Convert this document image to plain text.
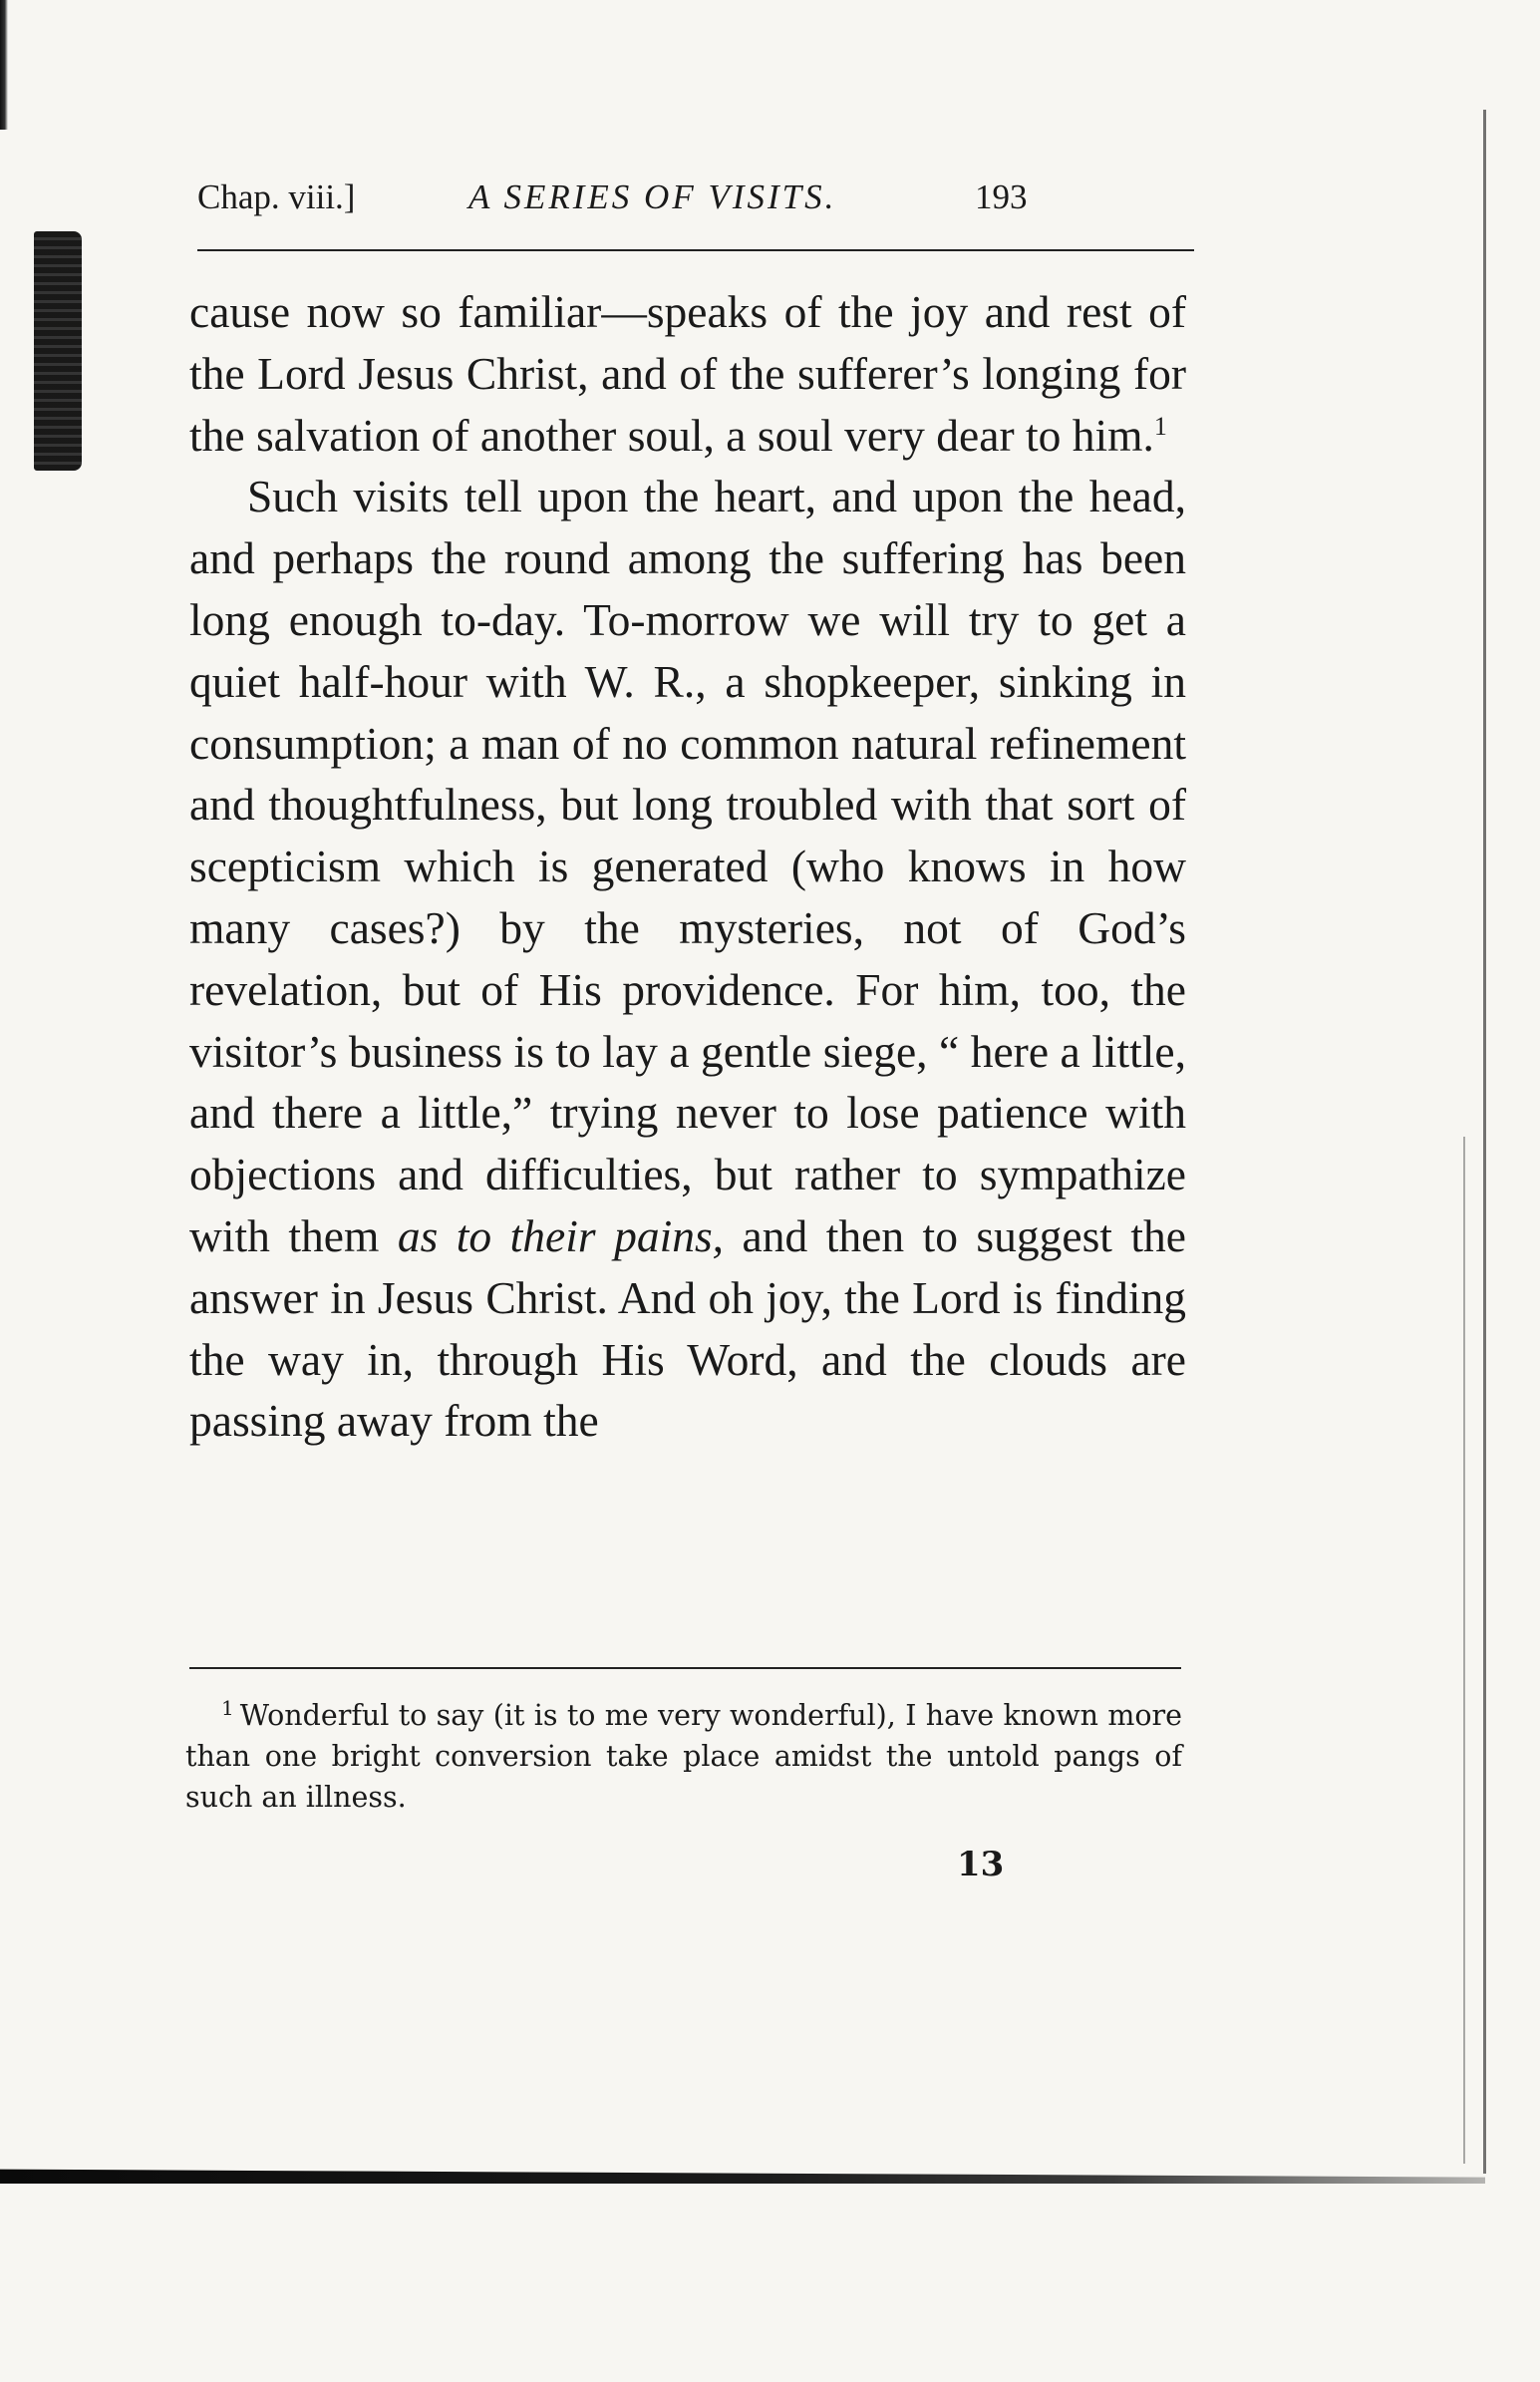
Chap. viii.]	A SERIES OF VISITS.	193

cause now so familiar—speaks of the joy and rest of the Lord Jesus Christ, and of the sufferer’s longing for the salvation of another soul, a soul very dear to him.$^1$

Such visits tell upon the heart, and upon the head, and perhaps the round among the suffering has been long enough to-day. To-morrow we will try to get a quiet half-hour with W. R., a shopkeeper, sinking in consumption; a man of no common natural refinement and thoughtfulness, but long troubled with that sort of scepticism which is generated (who knows in how many cases?) by the mysteries, not of God’s revelation, but of His providence. For him, too, the visitor’s business is to lay a gentle siege, “ here a little, and there a little,” trying never to lose patience with objections and difficulties, but rather to sympathize with them as to their pains, and then to suggest the answer in Jesus Christ. And oh joy, the Lord is finding the way in, through His Word, and the clouds are passing away from the

$^1$ Wonderful to say (it is to me very wonderful), I have known more than one bright conversion take place amidst the untold pangs of such an illness.
13
